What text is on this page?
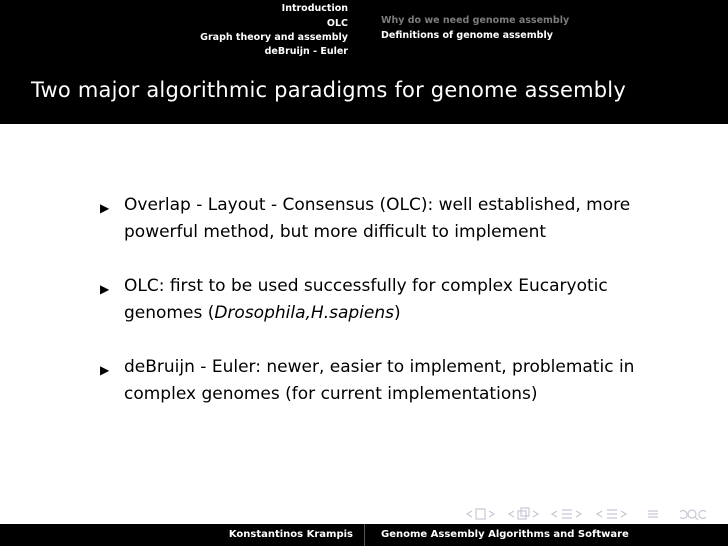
Introduction
OLC
Graph theory and assembly
deBruijn - Euler
Why do we need genome assembly
Definitions of genome assembly
Two major algorithmic paradigms for genome assembly
▶ Overlap - Layout - Consensus (OLC): well established, more powerful method, but more difficult to implement
▶ OLC: first to be used successfully for complex Eucaryotic genomes (Drosophila,H.sapiens)
▶ deBruijn - Euler: newer, easier to implement, problematic in complex genomes (for current implementations)
Konstantinos Krampis	Genome Assembly Algorithms and Software
